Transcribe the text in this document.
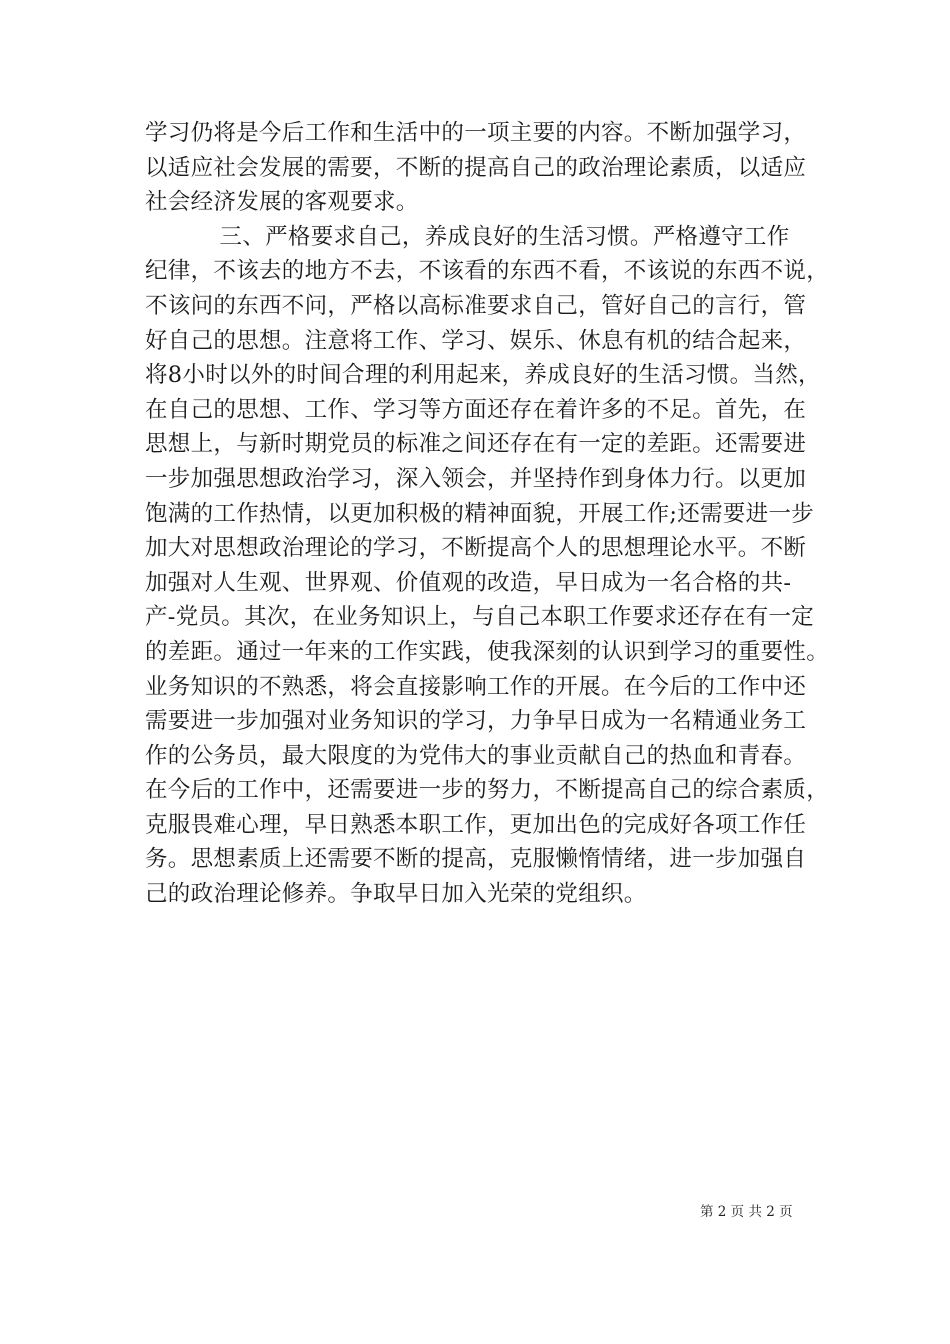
学习仍将是今后工作和生活中的一项主要的内容。不断加强学习，
以适应社会发展的需要，不断的提高自己的政治理论素质，以适应
社会经济发展的客观要求。
三、严格要求自己，养成良好的生活习惯。严格遵守工作
纪律，不该去的地方不去，不该看的东西不看，不该说的东西不说，
不该问的东西不问，严格以高标准要求自己，管好自己的言行，管
好自己的思想。注意将工作、学习、娱乐、休息有机的结合起来，
将8小时以外的时间合理的利用起来，养成良好的生活习惯。当然，
在自己的思想、工作、学习等方面还存在着许多的不足。首先，在
思想上，与新时期党员的标准之间还存在有一定的差距。还需要进
一步加强思想政治学习，深入领会，并坚持作到身体力行。以更加
饱满的工作热情，以更加积极的精神面貌，开展工作;还需要进一步
加大对思想政治理论的学习，不断提高个人的思想理论水平。不断
加强对人生观、世界观、价值观的改造，早日成为一名合格的共-
产-党员。其次，在业务知识上，与自己本职工作要求还存在有一定
的差距。通过一年来的工作实践，使我深刻的认识到学习的重要性。
业务知识的不熟悉，将会直接影响工作的开展。在今后的工作中还
需要进一步加强对业务知识的学习，力争早日成为一名精通业务工
作的公务员，最大限度的为党伟大的事业贡献自己的热血和青春。
在今后的工作中，还需要进一步的努力，不断提高自己的综合素质，
克服畏难心理，早日熟悉本职工作，更加出色的完成好各项工作任
务。思想素质上还需要不断的提高，克服懒惰情绪，进一步加强自
己的政治理论修养。争取早日加入光荣的党组织。
第 2 页 共 2 页
